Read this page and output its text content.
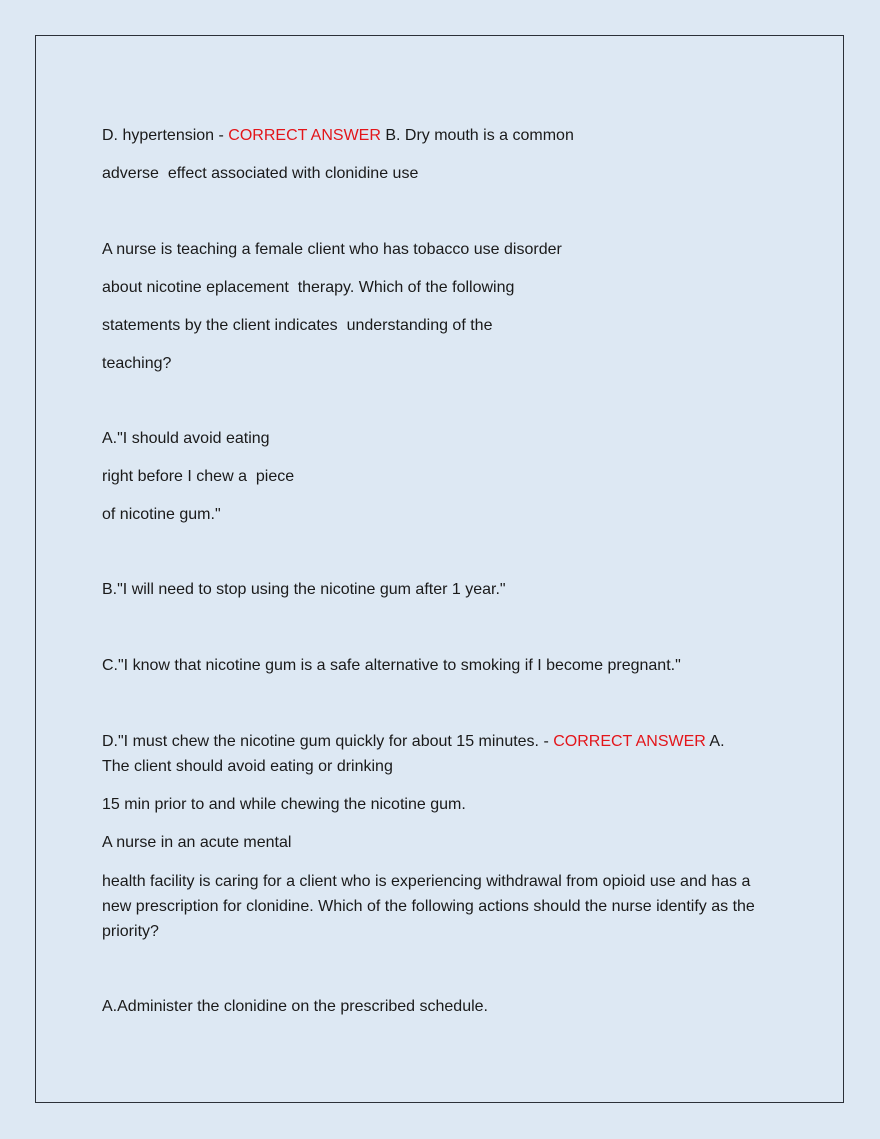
D. hypertension - CORRECT ANSWER B. Dry mouth is a common
adverse  effect associated with clonidine use
A nurse is teaching a female client who has tobacco use disorder
about nicotine eplacement  therapy. Which of the following
statements by the client indicates  understanding of the
teaching?
A."I should avoid eating
right before I chew a  piece
of nicotine gum."
B."I will need to stop using the nicotine gum after 1 year."
C."I know that nicotine gum is a safe alternative to smoking if I become pregnant."
D."I must chew the nicotine gum quickly for about 15 minutes. - CORRECT ANSWER A.
The client should avoid eating or drinking
15 min prior to and while chewing the nicotine gum.
A nurse in an acute mental
health facility is caring for a client who is experiencing withdrawal from opioid use and has a new prescription for clonidine. Which of the following actions should the nurse identify as the priority?
A.Administer the clonidine on the prescribed schedule.
